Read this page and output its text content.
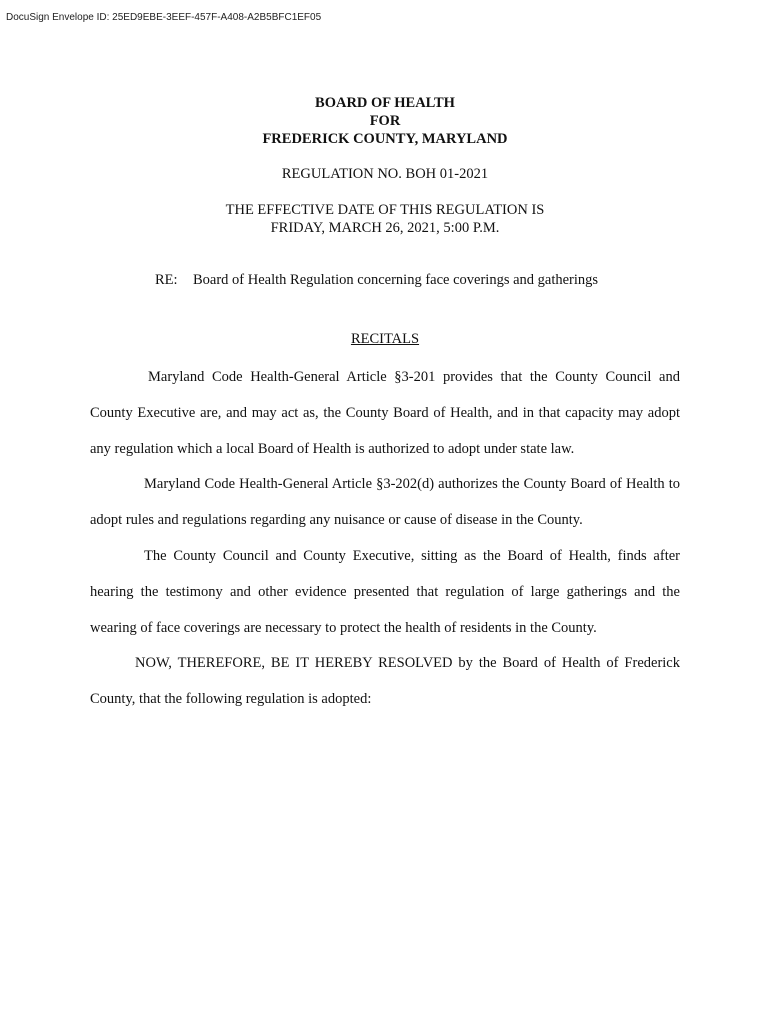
DocuSign Envelope ID: 25ED9EBE-3EEF-457F-A408-A2B5BFC1EF05
BOARD OF HEALTH
FOR
FREDERICK COUNTY, MARYLAND
REGULATION NO. BOH 01-2021
THE EFFECTIVE DATE OF THIS REGULATION IS
FRIDAY, MARCH 26, 2021, 5:00 P.M.
RE: Board of Health Regulation concerning face coverings and gatherings
RECITALS

Maryland Code Health-General Article §3-201 provides that the County Council and County Executive are, and may act as, the County Board of Health, and in that capacity may adopt any regulation which a local Board of Health is authorized to adopt under state law.

Maryland Code Health-General Article §3-202(d) authorizes the County Board of Health to adopt rules and regulations regarding any nuisance or cause of disease in the County.

The County Council and County Executive, sitting as the Board of Health, finds after hearing the testimony and other evidence presented that regulation of large gatherings and the wearing of face coverings are necessary to protect the health of residents in the County.

NOW, THEREFORE, BE IT HEREBY RESOLVED by the Board of Health of Frederick County, that the following regulation is adopted:
